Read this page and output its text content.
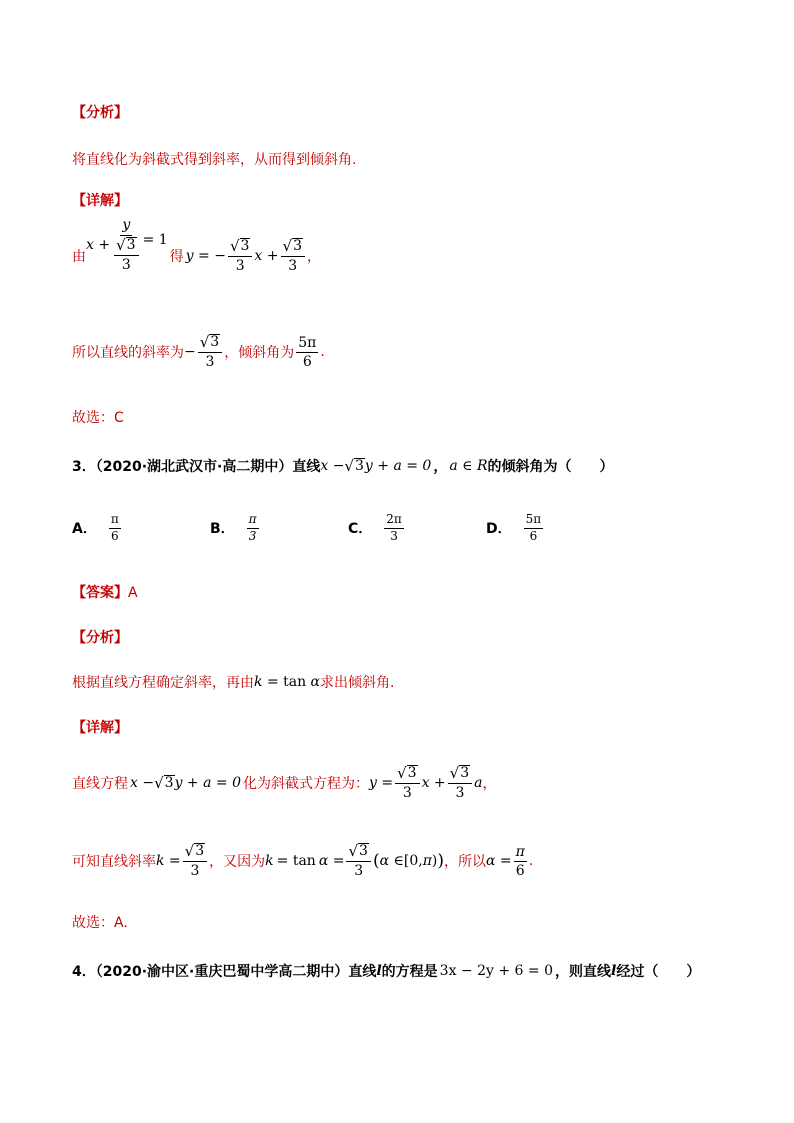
【分析】
将直线化为斜截式得到斜率，从而得到倾斜角.
【详解】
由
$x + \frac{y}{\frac{√ 3}{3}} = 1$
得 y = − $\frac{√ 3}{3}$ $x + \frac{√ 3}{3}$ ，
所以直线的斜率为 − $\frac{√ 3}{3}$ ，倾斜角为 $\frac{5\pi}{6}$ .
故选：C
3．（2020·湖北武汉市·高二期中）直线 x − √ 3 y + a = 0 ， a ∈ R 的倾斜角为（　　）
A． $\frac{\pi}{6}$	B． $\frac{\pi}{3}$	C． $\frac{2\pi}{3}$	D． $\frac{5\pi}{6}$
【答案】A
【分析】
根据直线方程确定斜率，再由 k = tan α 求出倾斜角.
【详解】
直线方程 x − √ 3 y + a = 0 化为斜截式方程为： $y = \frac{√ 3}{3}$ $x + \frac{√ 3}{3}$ a ，
可知直线斜率 $k = \frac{√ 3}{3}$ ，又因为 $k = \tan \alpha = \frac{√ 3}{3}$ ( α ∈ [0, π ) ) ，所以 $\alpha = \frac{\pi}{6}$ .
故选：A.
4．（2020·渝中区·重庆巴蜀中学高二期中）直线 l 的方程是 3x − 2y + 6 = 0 ，则直线 l 经过（　　）
